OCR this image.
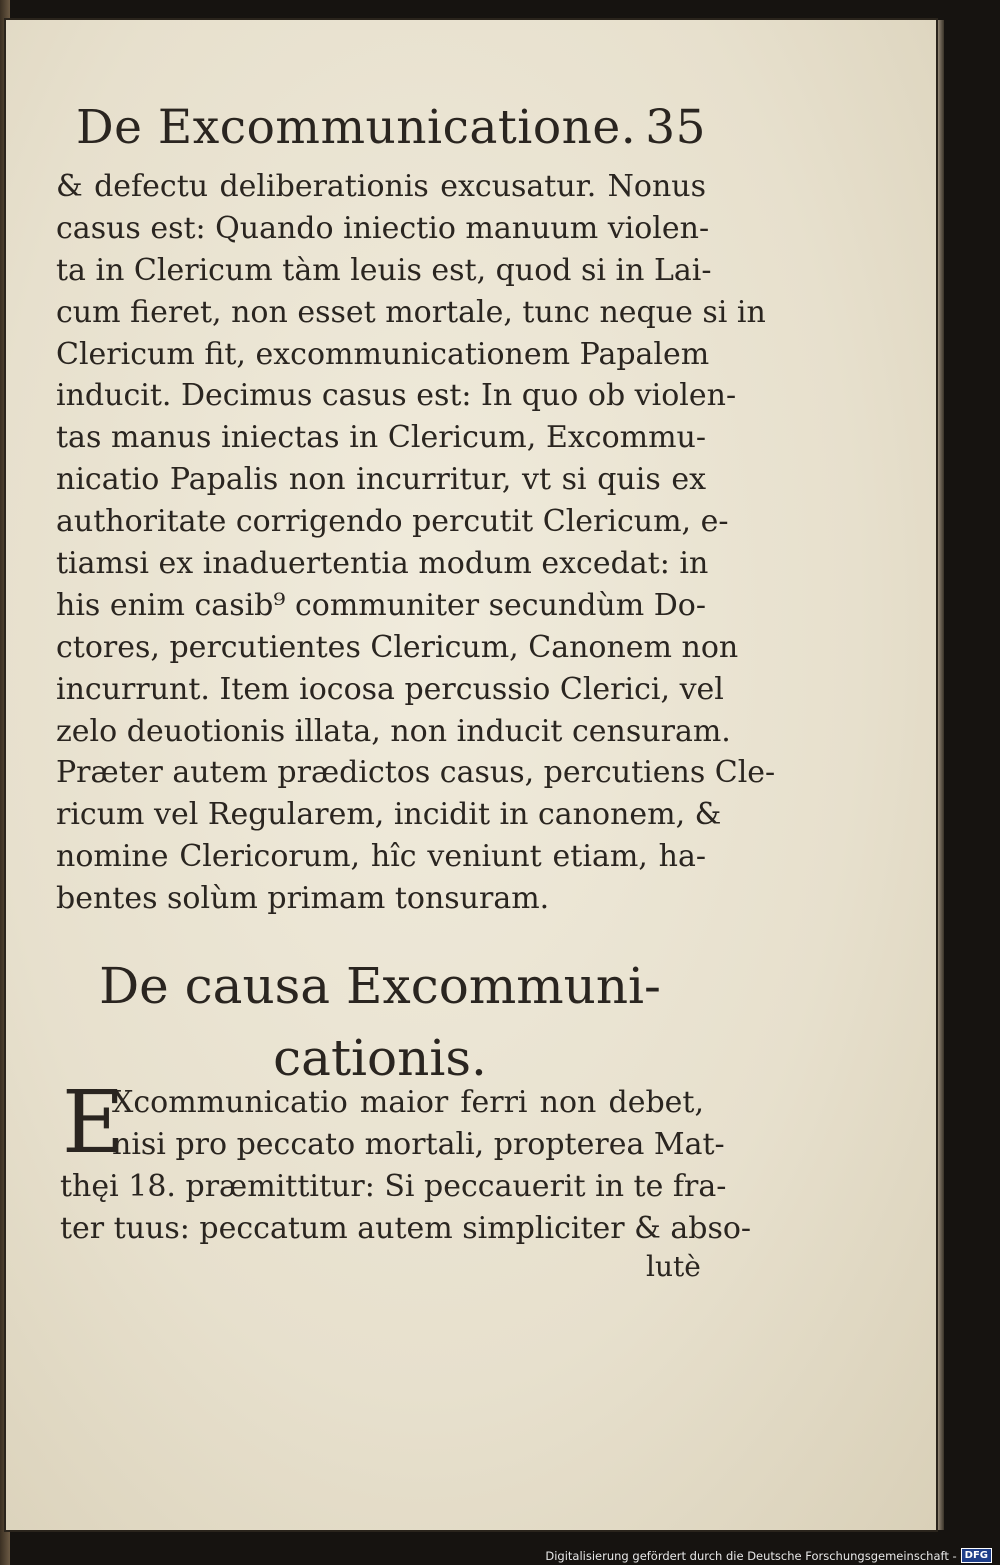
De Excommunicatione. 35
& defectu deliberationis excusatur. Nonus
casus est: Quando iniectio manuum violen-
ta in Clericum tàm leuis est, quod si in Lai-
cum fieret, non esset mortale, tunc neque si in
Clericum fit, excommunicationem Papalem
inducit. Decimus casus est: In quo ob violen-
tas manus iniectas in Clericum, Excommu-
nicatio Papalis non incurritur, vt si quis ex
authoritate corrigendo percutit Clericum, e-
tiamsi ex inaduertentia modum excedat: in
his enim casib⁹ communiter secundùm Do-
ctores, percutientes Clericum, Canonem non
incurrunt. Item iocosa percussio Clerici, vel
zelo deuotionis illata, non inducit censuram.
Præter autem prædictos casus, percutiens Cle-
ricum vel Regularem, incidit in canonem, &
nomine Clericorum, hîc veniunt etiam, ha-
bentes solùm primam tonsuram.
De causa Excommuni-
cationis.
E
Xcommunicatio maior ferri non debet,
nisi pro peccato mortali, propterea Mat-
thęi 18. præmittitur: Si peccauerit in te fra-
ter tuus: peccatum autem simpliciter & abso-
lutè
Digitalisierung gefördert durch die Deutsche Forschungsgemeinschaft - DFG
